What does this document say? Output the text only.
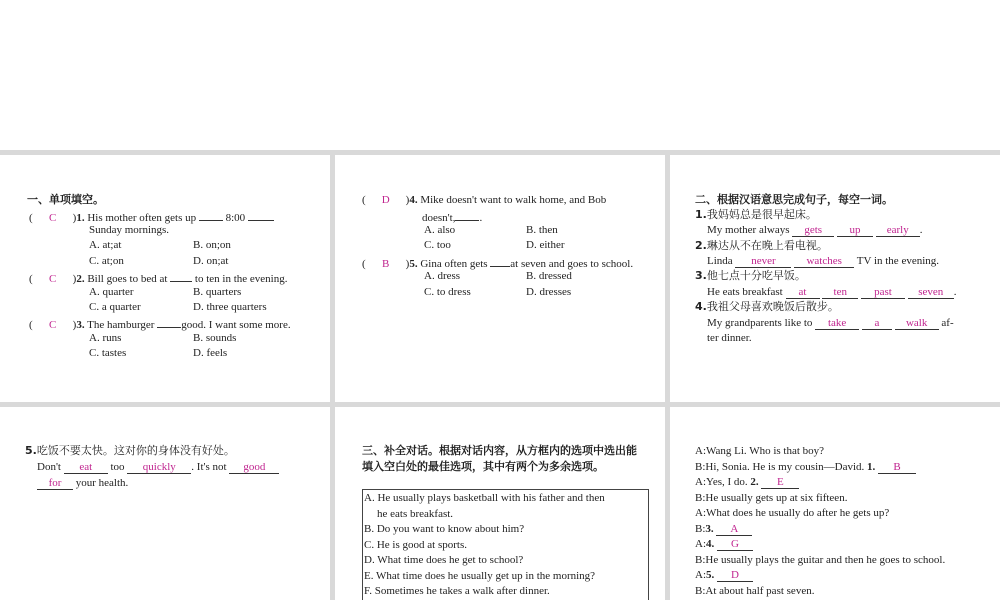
一、单项填空。
( C )1. His mother often gets up	8:00
Sunday mornings.
A. at;at	B. on;on
C. at;on	D. on;at
( C )2. Bill goes to bed at	to ten in the evening.
A. quarter	B. quarters
C. a quarter	D. three quarters
( C )3. The hamburger good. I want some more.
A. runs	B. sounds
C. tastes	D. feels
( D )4. Mike doesn't want to walk home, and Bob
doesn't, .
A. also	B. then
C. too	D. either
( B )5. Gina often gets at seven and goes to school.
A. dress	B. dressed
C. to dress	D. dresses
二、根据汉语意思完成句子，每空一词。
1.我妈妈总是很早起床。
My mother always gets up early .
2.琳达从不在晚上看电视。
Linda never	watches TV in the evening.
3.他七点十分吃早饭。
He eats breakfast at ten past seven .
4.我祖父母喜欢晚饭后散步。
My grandparents like to take	a walk af-
ter dinner.
5.吃饭不要太快。这对你的身体没有好处。
Don't eat too quickly . It's not good
for your health.
三、补全对话。根据对话内容，从方框内的选项中选出能
填入空白处的最佳选项，其中有两个为多余选项。
A. He usually plays basketball with his father and then
he eats breakfast.
B. Do you want to know about him?
C. He is good at sports.
D. What time does he get to school?
E. What time does he usually get up in the morning?
F. Sometimes he takes a walk after dinner.
A:Wang Li. Who is that boy?
B:Hi, Sonia. He is my cousin—David. 1. B
A:Yes, I do. 2. E
B:He usually gets up at six fifteen.
A:What does he usually do after he gets up?
B:3. A
A:4. G
B:He usually plays the guitar and then he goes to school.
A:5. D
B:At about half past seven.
